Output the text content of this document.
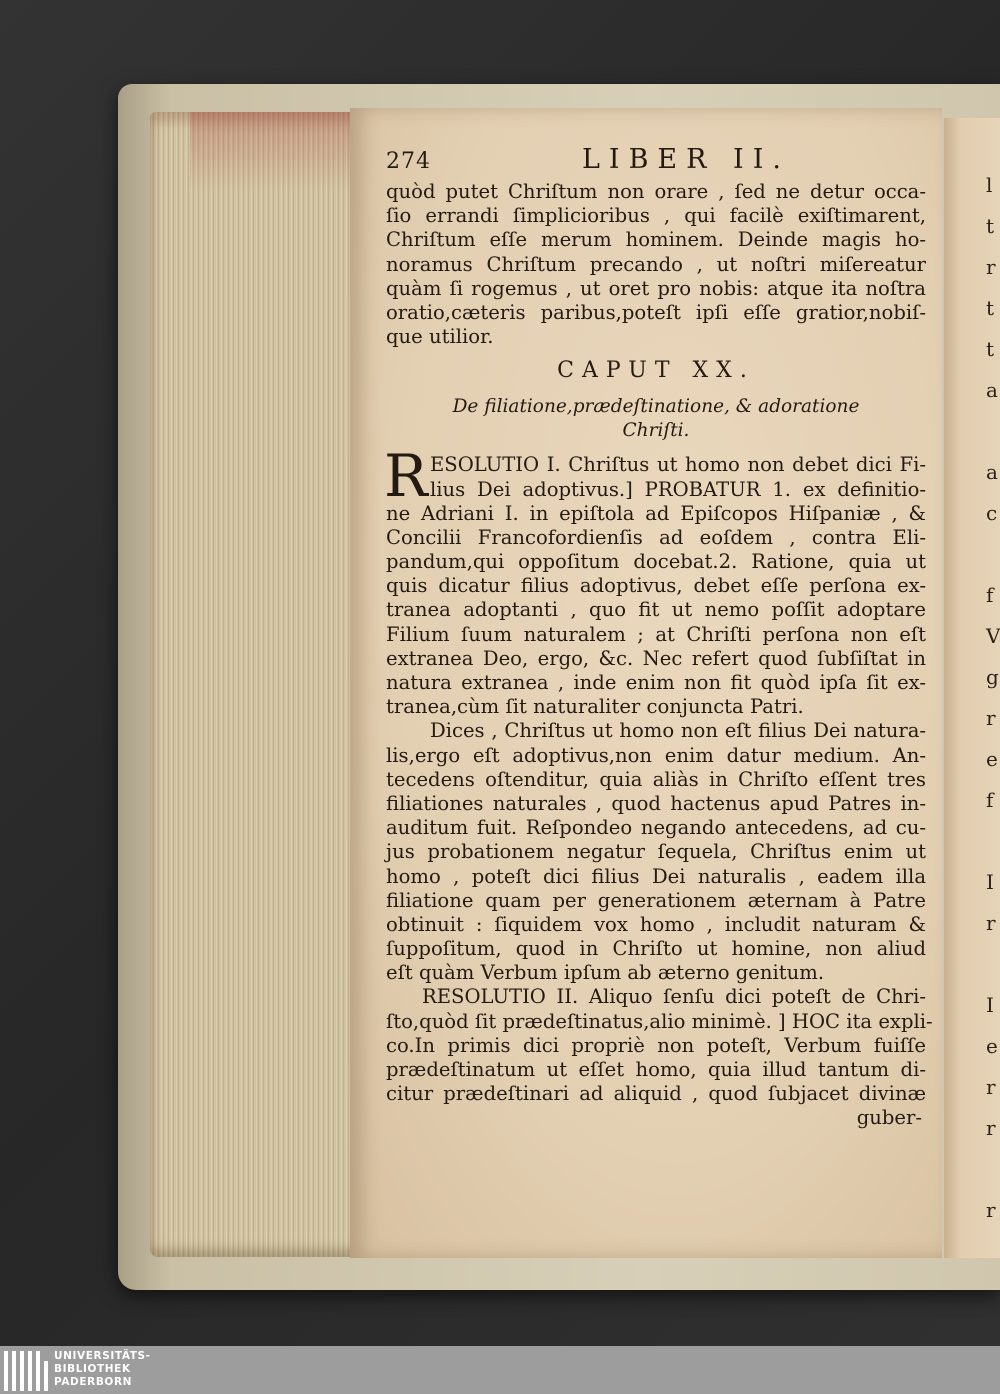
l
t
r
t
t
a

a
c

f
V
g
r
e
f

I
r

I
e
r
r

r
274	LIBER II.
quòd putet Chriſtum non orare , ſed ne detur occa-
ſio errandi ſimplicioribus , qui facilè exiſtimarent,
Chriſtum eſſe merum hominem. Deinde magis ho-
noramus Chriſtum precando , ut noſtri miſereatur
quàm ſi rogemus , ut oret pro nobis: atque ita noſtra
oratio,cæteris paribus,poteſt ipſi eſſe gratior,nobiſ-
que utilior.
CAPUT XX.
De filiatione,prædeſtinatione, & adoratione
Chriſti.
R ESOLUTIO I. Chriſtus ut homo non debet dici Fi-
lius Dei adoptivus.] PROBATUR 1. ex definitio-
ne Adriani I. in epiſtola ad Epiſcopos Hiſpaniæ , &
Concilii Francofordienſis ad eoſdem , contra Eli-
pandum,qui oppoſitum docebat.2. Ratione, quia ut
quis dicatur filius adoptivus, debet eſſe perſona ex-
tranea adoptanti , quo fit ut nemo poſſit adoptare
Filium ſuum naturalem ; at Chriſti perſona non eſt
extranea Deo, ergo, &c. Nec refert quod ſubſiſtat in
natura extranea , inde enim non fit quòd ipſa ſit ex-
tranea,cùm ſit naturaliter conjuncta Patri.
Dices , Chriſtus ut homo non eſt filius Dei natura-
lis,ergo eſt adoptivus,non enim datur medium. An-
tecedens oſtenditur, quia aliàs in Chriſto eſſent tres
filiationes naturales , quod hactenus apud Patres in-
auditum fuit. Reſpondeo negando antecedens, ad cu-
jus probationem negatur ſequela, Chriſtus enim ut
homo , poteſt dici filius Dei naturalis , eadem illa
filiatione quam per generationem æternam à Patre
obtinuit : ſiquidem vox homo , includit naturam &
ſuppoſitum, quod in Chriſto ut homine, non aliud
eſt quàm Verbum ipſum ab æterno genitum.
RESOLUTIO II. Aliquo ſenſu dici poteſt de Chri-
ſto,quòd ſit prædeſtinatus,alio minimè. ] HOC ita expli-
co.In primis dici propriè non poteſt, Verbum fuiſſe
prædeſtinatum ut eſſet homo, quia illud tantum di-
citur prædeſtinari ad aliquid , quod ſubjacet divinæ
guber-
UNIVERSITÄTS-
BIBLIOTHEK
PADERBORN
